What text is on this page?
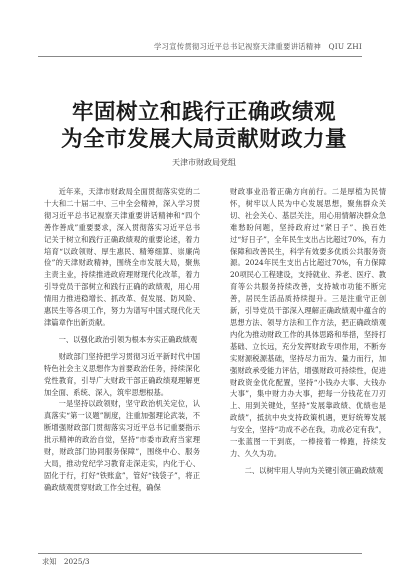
学习宣传贯彻习近平总书记视察天津重要讲话精神　QIU ZHI
牢固树立和践行正确政绩观
为全市发展大局贡献财政力量
天津市财政局党组

近年来，天津市财政局全面贯彻落实党的二十大和二十届二中、三中全会精神，深入学习贯彻习近平总书记视察天津重要讲话精神和“四个善作善成”重要要求，深入贯彻落实习近平总书记关于树立和践行正确政绩观的重要论述，着力培育“以政领财、厚生惠民、精筹细算、崇廉尚俭”的天津财政精神，围绕全市发展大局，聚焦主责主业，持续推进政府理财现代化改革，着力引导党员干部树立和践行正确的政绩观，用心用情用力推进稳增长、抓改革、促发展、防风险、惠民生等各项工作，努力为谱写中国式现代化天津篇章作出新贡献。

一、以强化政治引领为根本夯实正确政绩观

财政部门坚持把学习贯彻习近平新时代中国特色社会主义思想作为首要政治任务，持续深化党性教育，引导广大财政干部正确政绩观理解更加全面、系统、深入，筑牢思想根基。

一是坚持以政领财，坚守政治机关定位，认真落实“第一议题”制度，注重加强理论武装，不断增强财政部门贯彻落实习近平总书记重要指示批示精神的政治自觉，坚持“市委市政府当家理财，财政部门协同服务保障”，围绕中心、服务大局，推动党纪学习教育走深走实，内化于心、固化于行，打好“铁账盒”，管好“钱袋子”，将正确政绩观贯穿财政工作全过程，确保

财政事业沿着正确方向前行。二是厚植为民情怀，树牢以人民为中心发展思想，聚焦群众关切、社会关心、基层关注，用心用情解决群众急难愁盼问题，坚持政府过“紧日子”、换百姓过“好日子”，全年民生支出占比超过70%，有力保障和改善民生，科学有效要多优质公共服务资源。2024年民生支出占比超过70%，有力保障20项民心工程建设，支持就业、养老、医疗、教育等公共服务持续改善，支持城市功能不断完善，居民生活品质持续提升。三是注重守正创新，引导党员干部深入理解正确政绩观中蕴含的思想方法、领导方法和工作方法，把正确政绩观内化为推动财政工作的具体思路和举措，坚持打基础、立长远，充分发挥财政专项作用，不断夯实财源税源基础，坚持尽力而为、量力而行，加强财政承受能力评估，增强财政可持续性，促进财政资金优化配置，坚持“小钱办大事、大钱办大事”，集中财力办大事，把每一分钱花在刀刃上、用到关键处，坚持“发展靠政绩、优绩也是政绩”，抵抗中央支持政策机遇，更好统筹发展与安全，坚持“功成不必在我，功成必定有我”，一张蓝图一干到底，一棒接着一棒跑，持续发力、久久为功。

二、以树牢用人导向为关键引领正确政绩观

求知　2025/3
